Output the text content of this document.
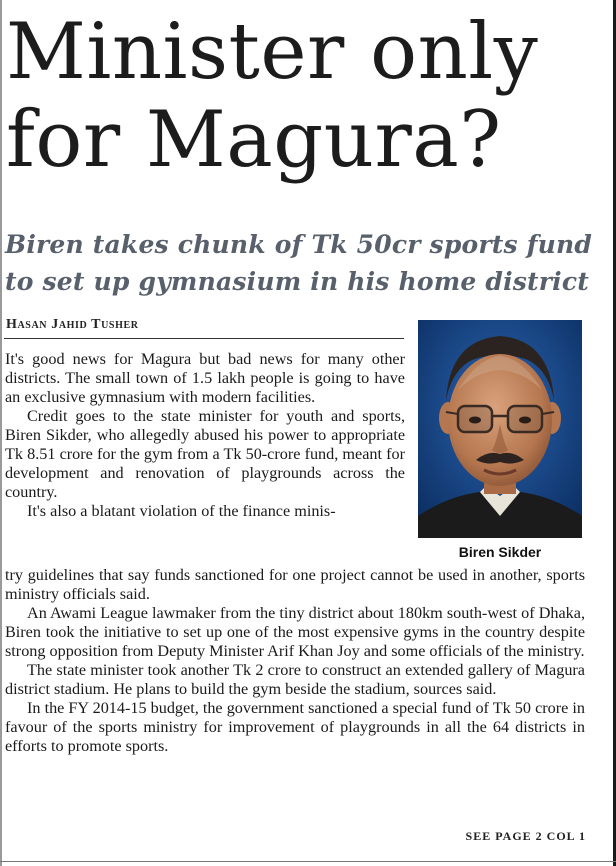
Minister only for Magura?
Biren takes chunk of Tk 50cr sports fund to set up gymnasium in his home district
Hasan Jahid Tusher
Biren Sikder

It's good news for Magura but bad news for many other districts. The small town of 1.5 lakh people is going to have an exclusive gymnasium with modern facilities.

Credit goes to the state minister for youth and sports, Biren Sikder, who allegedly abused his power to appropriate Tk 8.51 crore for the gym from a Tk 50-crore fund, meant for development and renovation of playgrounds across the country.

It's also a blatant violation of the finance minis-

try guidelines that say funds sanctioned for one project cannot be used in another, sports ministry officials said.

An Awami League lawmaker from the tiny district about 180km south-west of Dhaka, Biren took the initiative to set up one of the most expensive gyms in the country despite strong opposition from Deputy Minister Arif Khan Joy and some officials of the ministry.

The state minister took another Tk 2 crore to construct an extended gallery of Magura district stadium. He plans to build the gym beside the stadium, sources said.

In the FY 2014-15 budget, the government sanctioned a special fund of Tk 50 crore in favour of the sports ministry for improvement of playgrounds in all the 64 districts in efforts to promote sports.

SEE PAGE 2 COL 1
